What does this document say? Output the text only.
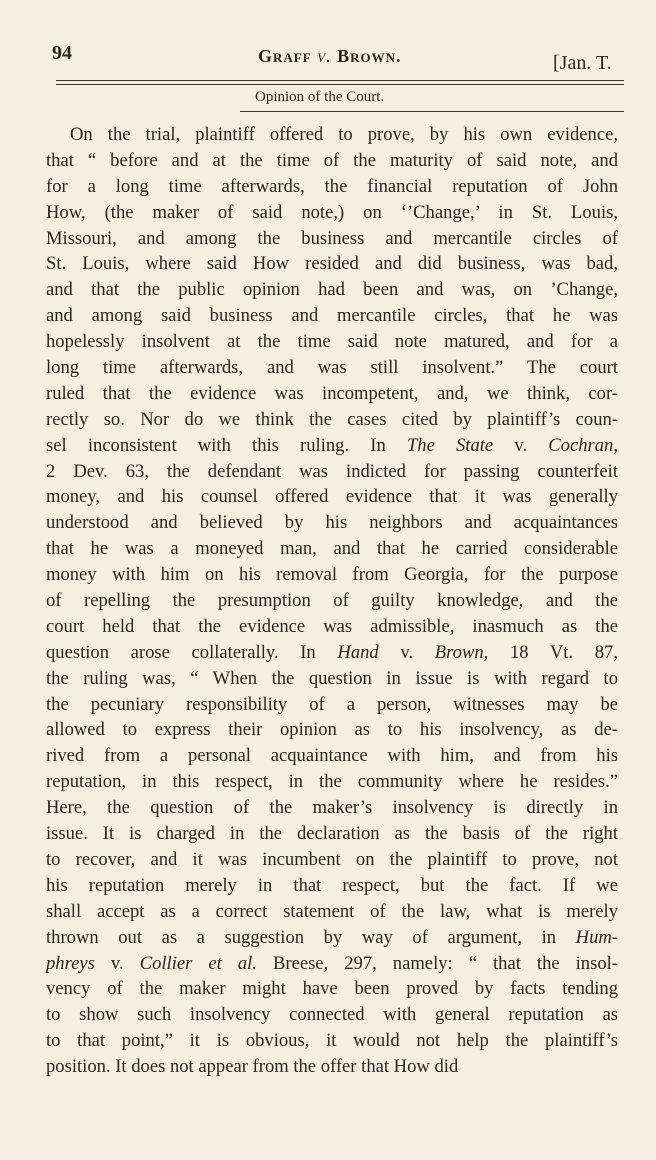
94	Graff v. Brown.	[Jan. T.
Opinion of the Court.
On the trial, plaintiff offered to prove, by his own evidence,
that “ before and at the time of the maturity of said note, and
for a long time afterwards, the financial reputation of John
How, (the maker of said note,) on ‘’Change,’ in St. Louis,
Missouri, and among the business and mercantile circles of
St. Louis, where said How resided and did business, was bad,
and that the public opinion had been and was, on ’Change,
and among said business and mercantile circles, that he was
hopelessly insolvent at the time said note matured, and for a
long time afterwards, and was still insolvent.” The court
ruled that the evidence was incompetent, and, we think, cor-
rectly so. Nor do we think the cases cited by plaintiff’s coun-
sel inconsistent with this ruling. In The State v. Cochran,
2 Dev. 63, the defendant was indicted for passing counterfeit
money, and his counsel offered evidence that it was generally
understood and believed by his neighbors and acquaintances
that he was a moneyed man, and that he carried considerable
money with him on his removal from Georgia, for the purpose
of repelling the presumption of guilty knowledge, and the
court held that the evidence was admissible, inasmuch as the
question arose collaterally. In Hand v. Brown, 18 Vt. 87,
the ruling was, “ When the question in issue is with regard to
the pecuniary responsibility of a person, witnesses may be
allowed to express their opinion as to his insolvency, as de-
rived from a personal acquaintance with him, and from his
reputation, in this respect, in the community where he resides.”
Here, the question of the maker’s insolvency is directly in
issue. It is charged in the declaration as the basis of the right
to recover, and it was incumbent on the plaintiff to prove, not
his reputation merely in that respect, but the fact. If we
shall accept as a correct statement of the law, what is merely
thrown out as a suggestion by way of argument, in Hum-
phreys v. Collier et al. Breese, 297, namely: “ that the insol-
vency of the maker might have been proved by facts tending
to show such insolvency connected with general reputation as
to that point,” it is obvious, it would not help the plaintiff’s
position. It does not appear from the offer that How did
